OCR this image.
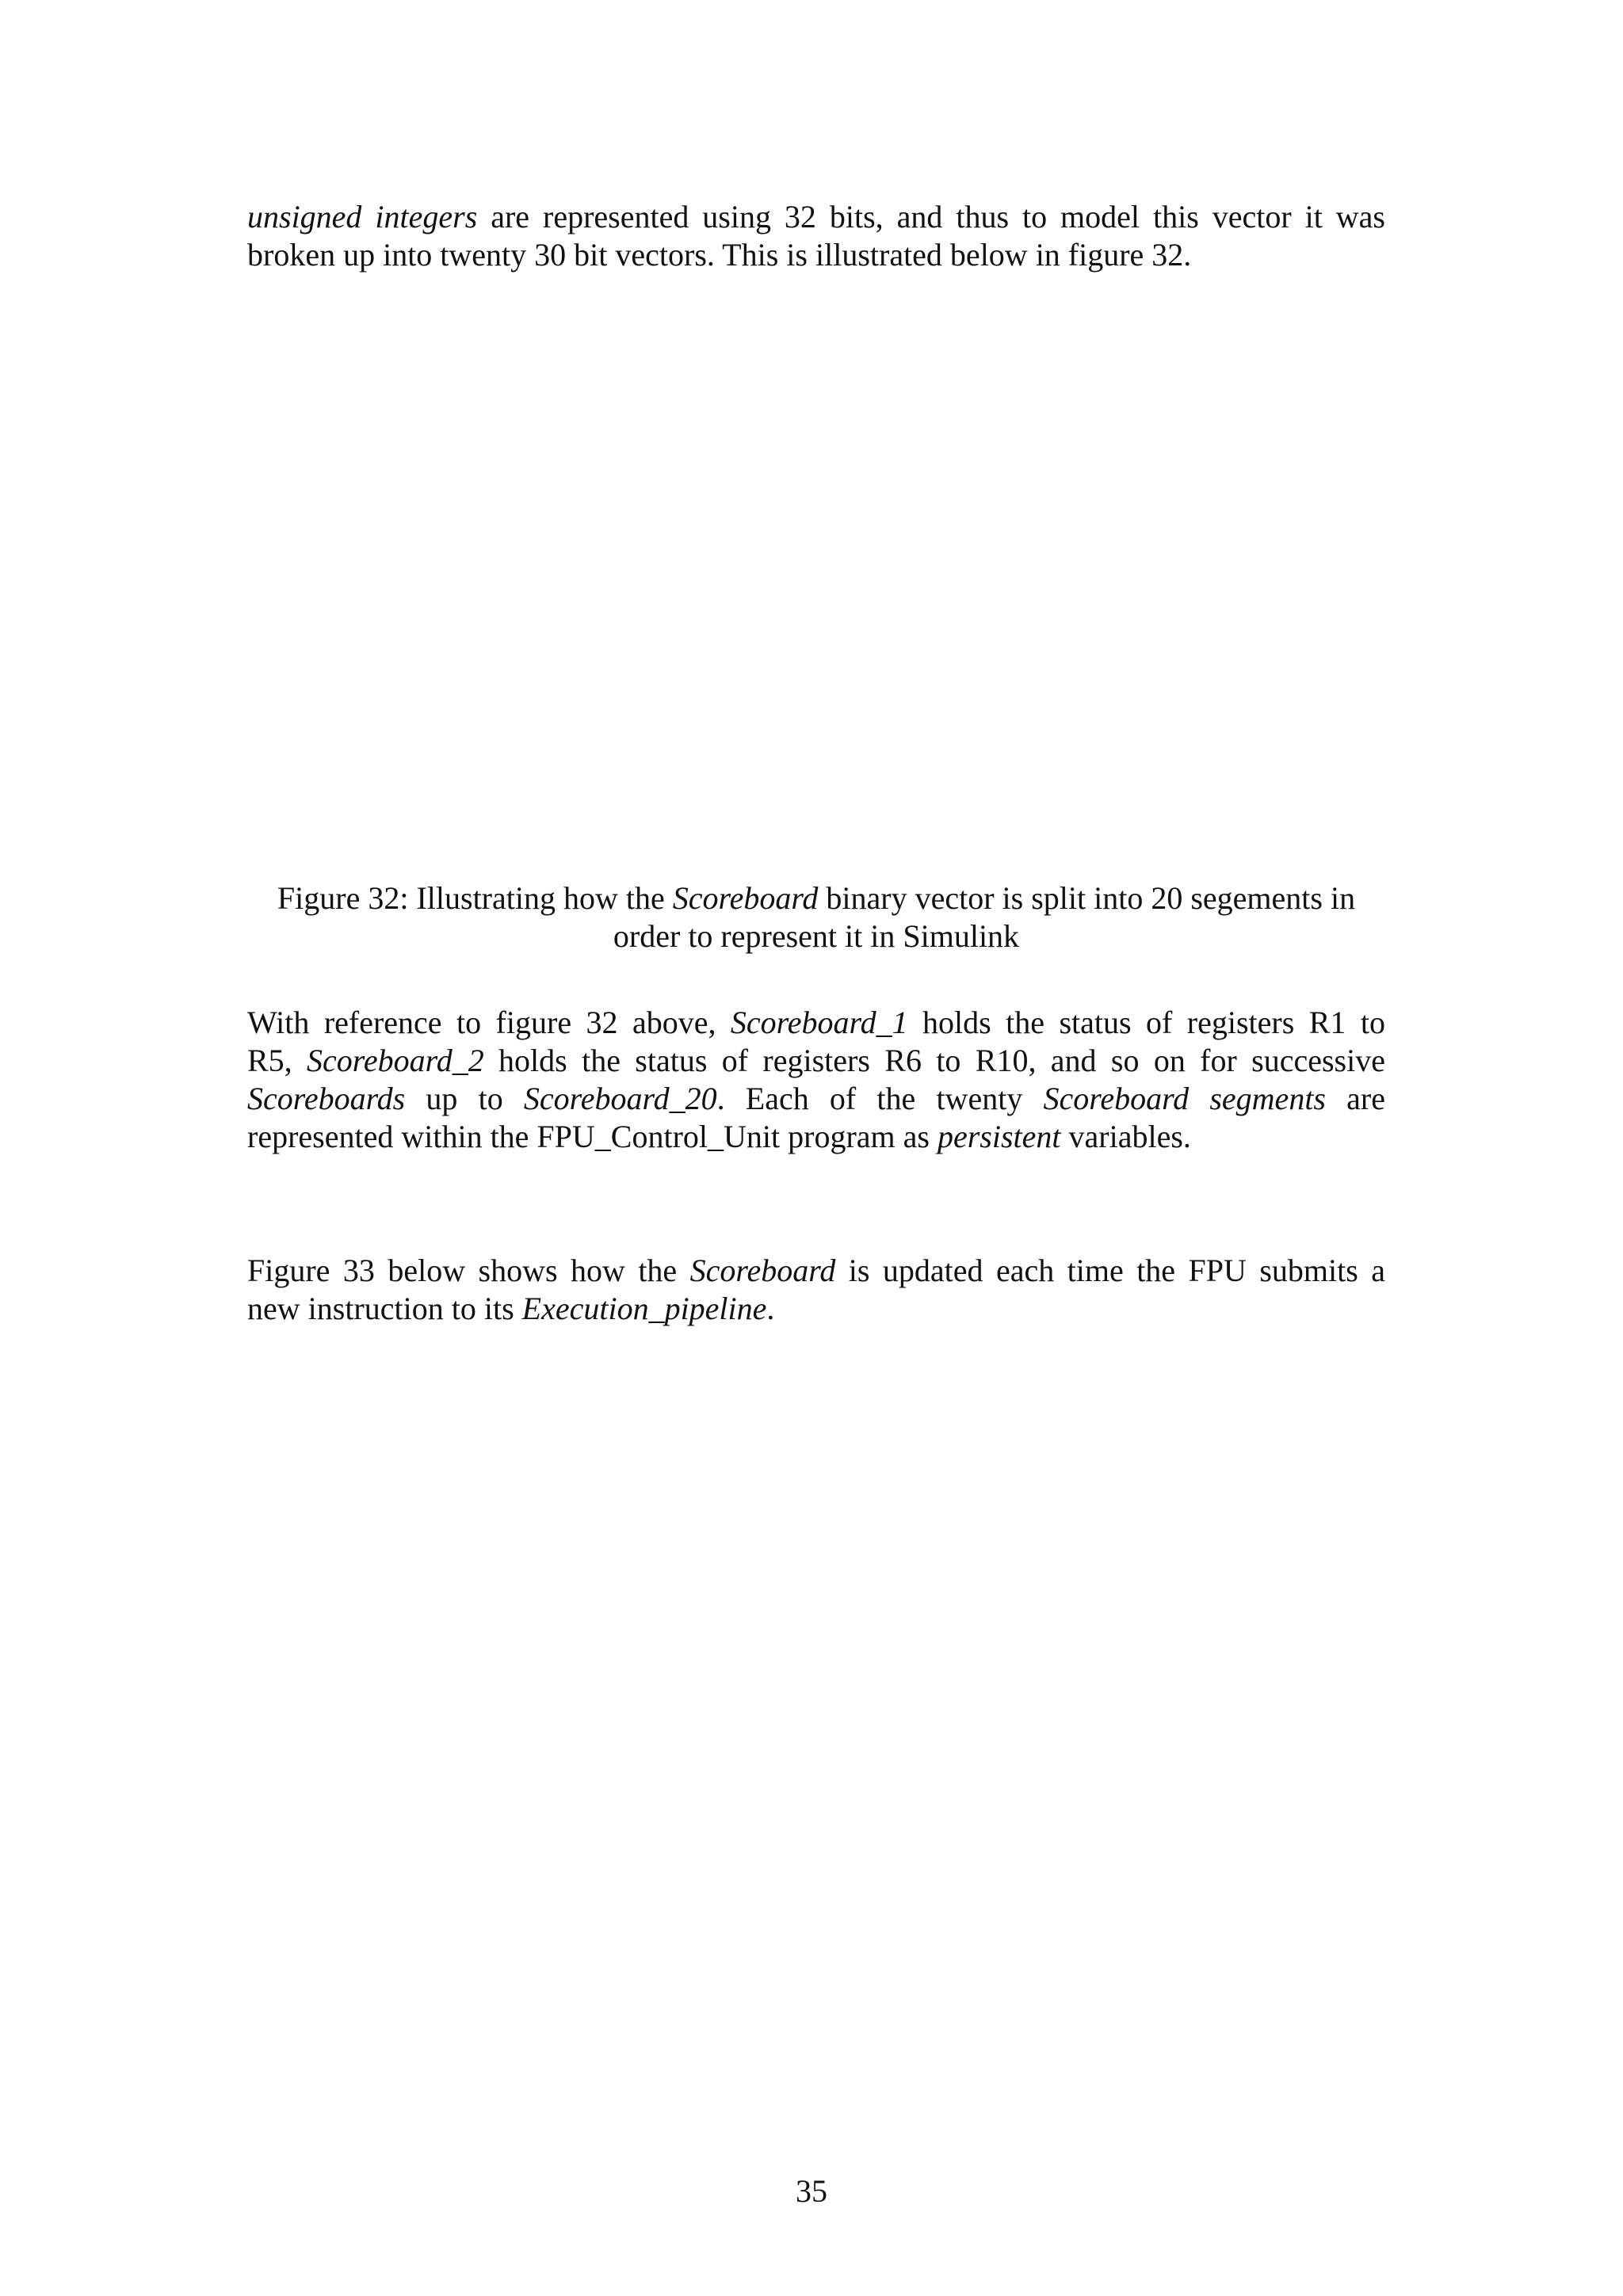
unsigned integers are represented using 32 bits, and thus to model this vector it was
broken up into twenty 30 bit vectors. This is illustrated below in figure 32.

Figure 32: Illustrating how the Scoreboard binary vector is split into 20 segements in
order to represent it in Simulink

With reference to figure 32 above, Scoreboard_1 holds the status of registers R1 to
R5, Scoreboard_2 holds the status of registers R6 to R10, and so on for successive
Scoreboards up to Scoreboard_20. Each of the twenty Scoreboard segments are
represented within the FPU_Control_Unit program as persistent variables.

Figure 33 below shows how the Scoreboard is updated each time the FPU submits a
new instruction to its Execution_pipeline.

35
